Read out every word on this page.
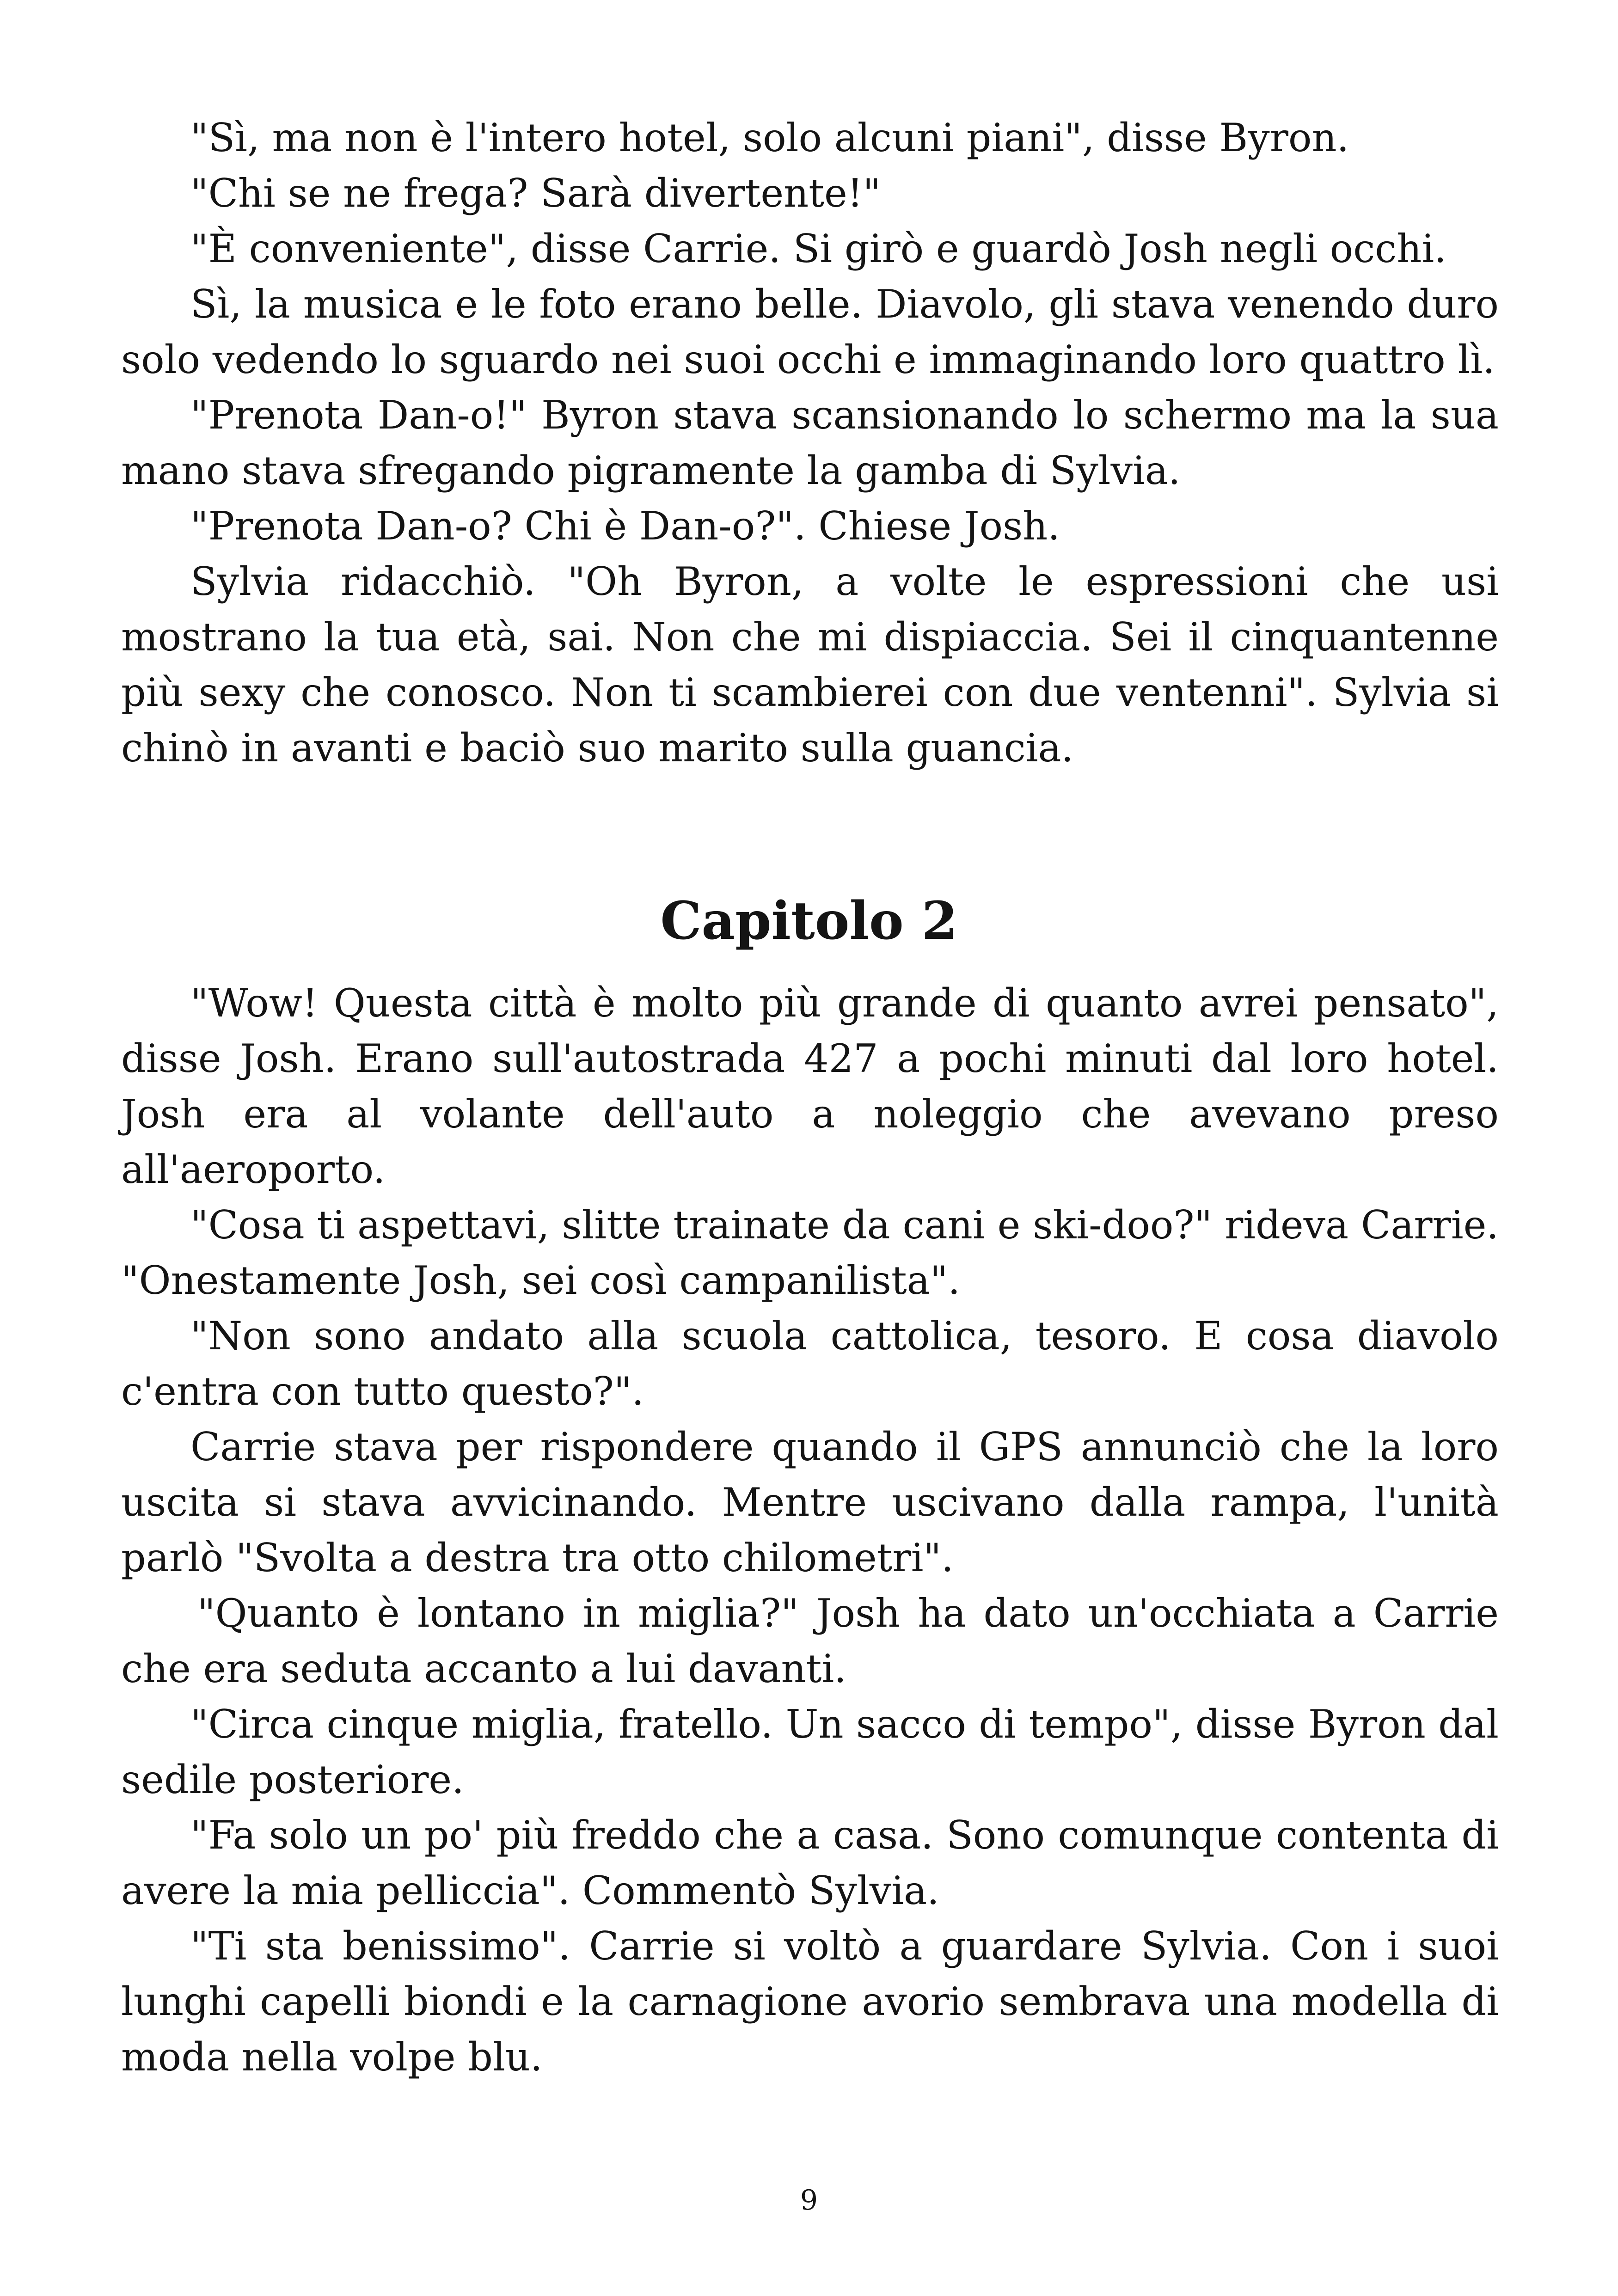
"Sì, ma non è l'intero hotel, solo alcuni piani", disse Byron.

"Chi se ne frega? Sarà divertente!"

"È conveniente", disse Carrie. Si girò e guardò Josh negli occhi.

Sì, la musica e le foto erano belle. Diavolo, gli stava venendo duro solo vedendo lo sguardo nei suoi occhi e immaginando loro quattro lì.

"Prenota Dan-o!" Byron stava scansionando lo schermo ma la sua mano stava sfregando pigramente la gamba di Sylvia.

"Prenota Dan-o? Chi è Dan-o?". Chiese Josh.

Sylvia ridacchiò. "Oh Byron, a volte le espressioni che usi mostrano la tua età, sai. Non che mi dispiaccia. Sei il cinquantenne più sexy che conosco. Non ti scambierei con due ventenni". Sylvia si chinò in avanti e baciò suo marito sulla guancia.

Capitolo 2

"Wow! Questa città è molto più grande di quanto avrei pensato", disse Josh. Erano sull'autostrada 427 a pochi minuti dal loro hotel. Josh era al volante dell'auto a noleggio che avevano preso all'aeroporto.

"Cosa ti aspettavi, slitte trainate da cani e ski-doo?" rideva Carrie. "Onestamente Josh, sei così campanilista".

"Non sono andato alla scuola cattolica, tesoro. E cosa diavolo c'entra con tutto questo?".

Carrie stava per rispondere quando il GPS annunciò che la loro uscita si stava avvicinando. Mentre uscivano dalla rampa, l'unità parlò "Svolta a destra tra otto chilometri".

"Quanto è lontano in miglia?" Josh ha dato un'occhiata a Carrie che era seduta accanto a lui davanti.

"Circa cinque miglia, fratello. Un sacco di tempo", disse Byron dal sedile posteriore.

"Fa solo un po' più freddo che a casa. Sono comunque contenta di avere la mia pelliccia". Commentò Sylvia.

"Ti sta benissimo". Carrie si voltò a guardare Sylvia. Con i suoi lunghi capelli biondi e la carnagione avorio sembrava una modella di moda nella volpe blu.

9
